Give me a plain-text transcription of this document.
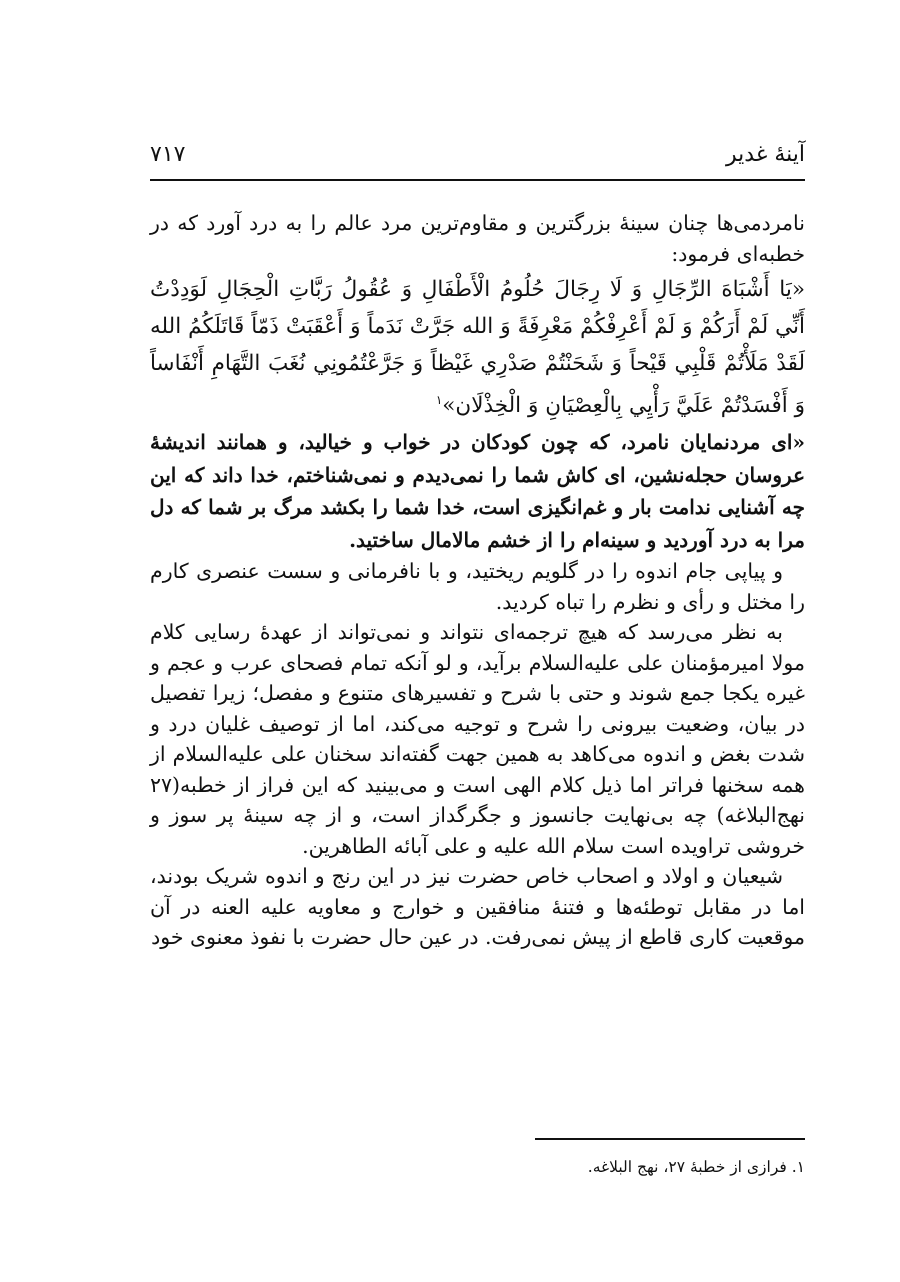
آینهٔ غدیر
۷۱۷

نامردمی‌ها چنان سینهٔ بزرگترین و مقاوم‌ترین مرد عالم را به درد آورد که در خطبه‌ای فرمود:

«یَا أَشْبَاهَ الرِّجَالِ وَ لَا رِجَالَ حُلُومُ الْأَطْفَالِ وَ عُقُولُ رَبَّاتِ الْحِجَالِ لَوَدِدْتُ أَنِّي لَمْ أَرَكُمْ وَ لَمْ أَعْرِفْكُمْ مَعْرِفَةً وَ الله جَرَّتْ نَدَماً وَ أَعْقَبَتْ ذَمّاً قَاتَلَكُمُ الله لَقَدْ مَلَأْتُمْ قَلْبِي قَيْحاً وَ شَحَنْتُمْ صَدْرِي غَيْظاً وَ جَرَّعْتُمُونِي نُغَبَ التَّهَامِ أَنْفَاساً وَ أَفْسَدْتُمْ عَلَيَّ رَأْيِي بِالْعِصْيَانِ وَ الْخِذْلَان»$^۱$

«ای مردنمایان نامرد، که چون کودکان در خواب و خیالید، و همانند اندیشهٔ عروسان حجله‌نشین، ای کاش شما را نمی‌دیدم و نمی‌شناختم، خدا داند که این چه آشنایی ندامت بار و غم‌انگیزی است، خدا شما را بکشد مرگ بر شما که دل مرا به درد آوردید و سینه‌ام را از خشم مالامال ساختید.

و پیاپی جام اندوه را در گلویم ریختید، و با نافرمانی و سست عنصری کارم را مختل و رأی و نظرم را تباه کردید.

به نظر می‌رسد که هیچ ترجمه‌ای نتواند و نمی‌تواند از عهدهٔ رسایی کلام مولا امیرمؤمنان علی علیه‌السلام برآید، و لو آنکه تمام فصحای عرب و عجم و غیره یکجا جمع شوند و حتی با شرح و تفسیرهای متنوع و مفصل؛ زیرا تفصیل در بیان، وضعیت بیرونی را شرح و توجیه می‌کند، اما از توصیف غلیان درد و شدت بغض و اندوه می‌کاهد به همین جهت گفته‌اند سخنان علی علیه‌السلام از همه سخنها فراتر اما ذیل کلام الهی است و می‌بینید که این فراز از خطبه(۲۷ نهج‌البلاغه) چه بی‌نهایت جانسوز و جگرگداز است، و از چه سینهٔ پر سوز و خروشی تراویده است سلام الله علیه و علی آبائه الطاهرین.

شیعیان و اولاد و اصحاب خاص حضرت نیز در این رنج و اندوه شریک بودند، اما در مقابل توطئه‌ها و فتنهٔ منافقین و خوارج و معاویه علیه العنه در آن موقعیت کاری قاطع از پیش نمی‌رفت. در عین حال حضرت با نفوذ معنوی خود

۱. فرازی از خطبهٔ ۲۷، نهج البلاغه.
